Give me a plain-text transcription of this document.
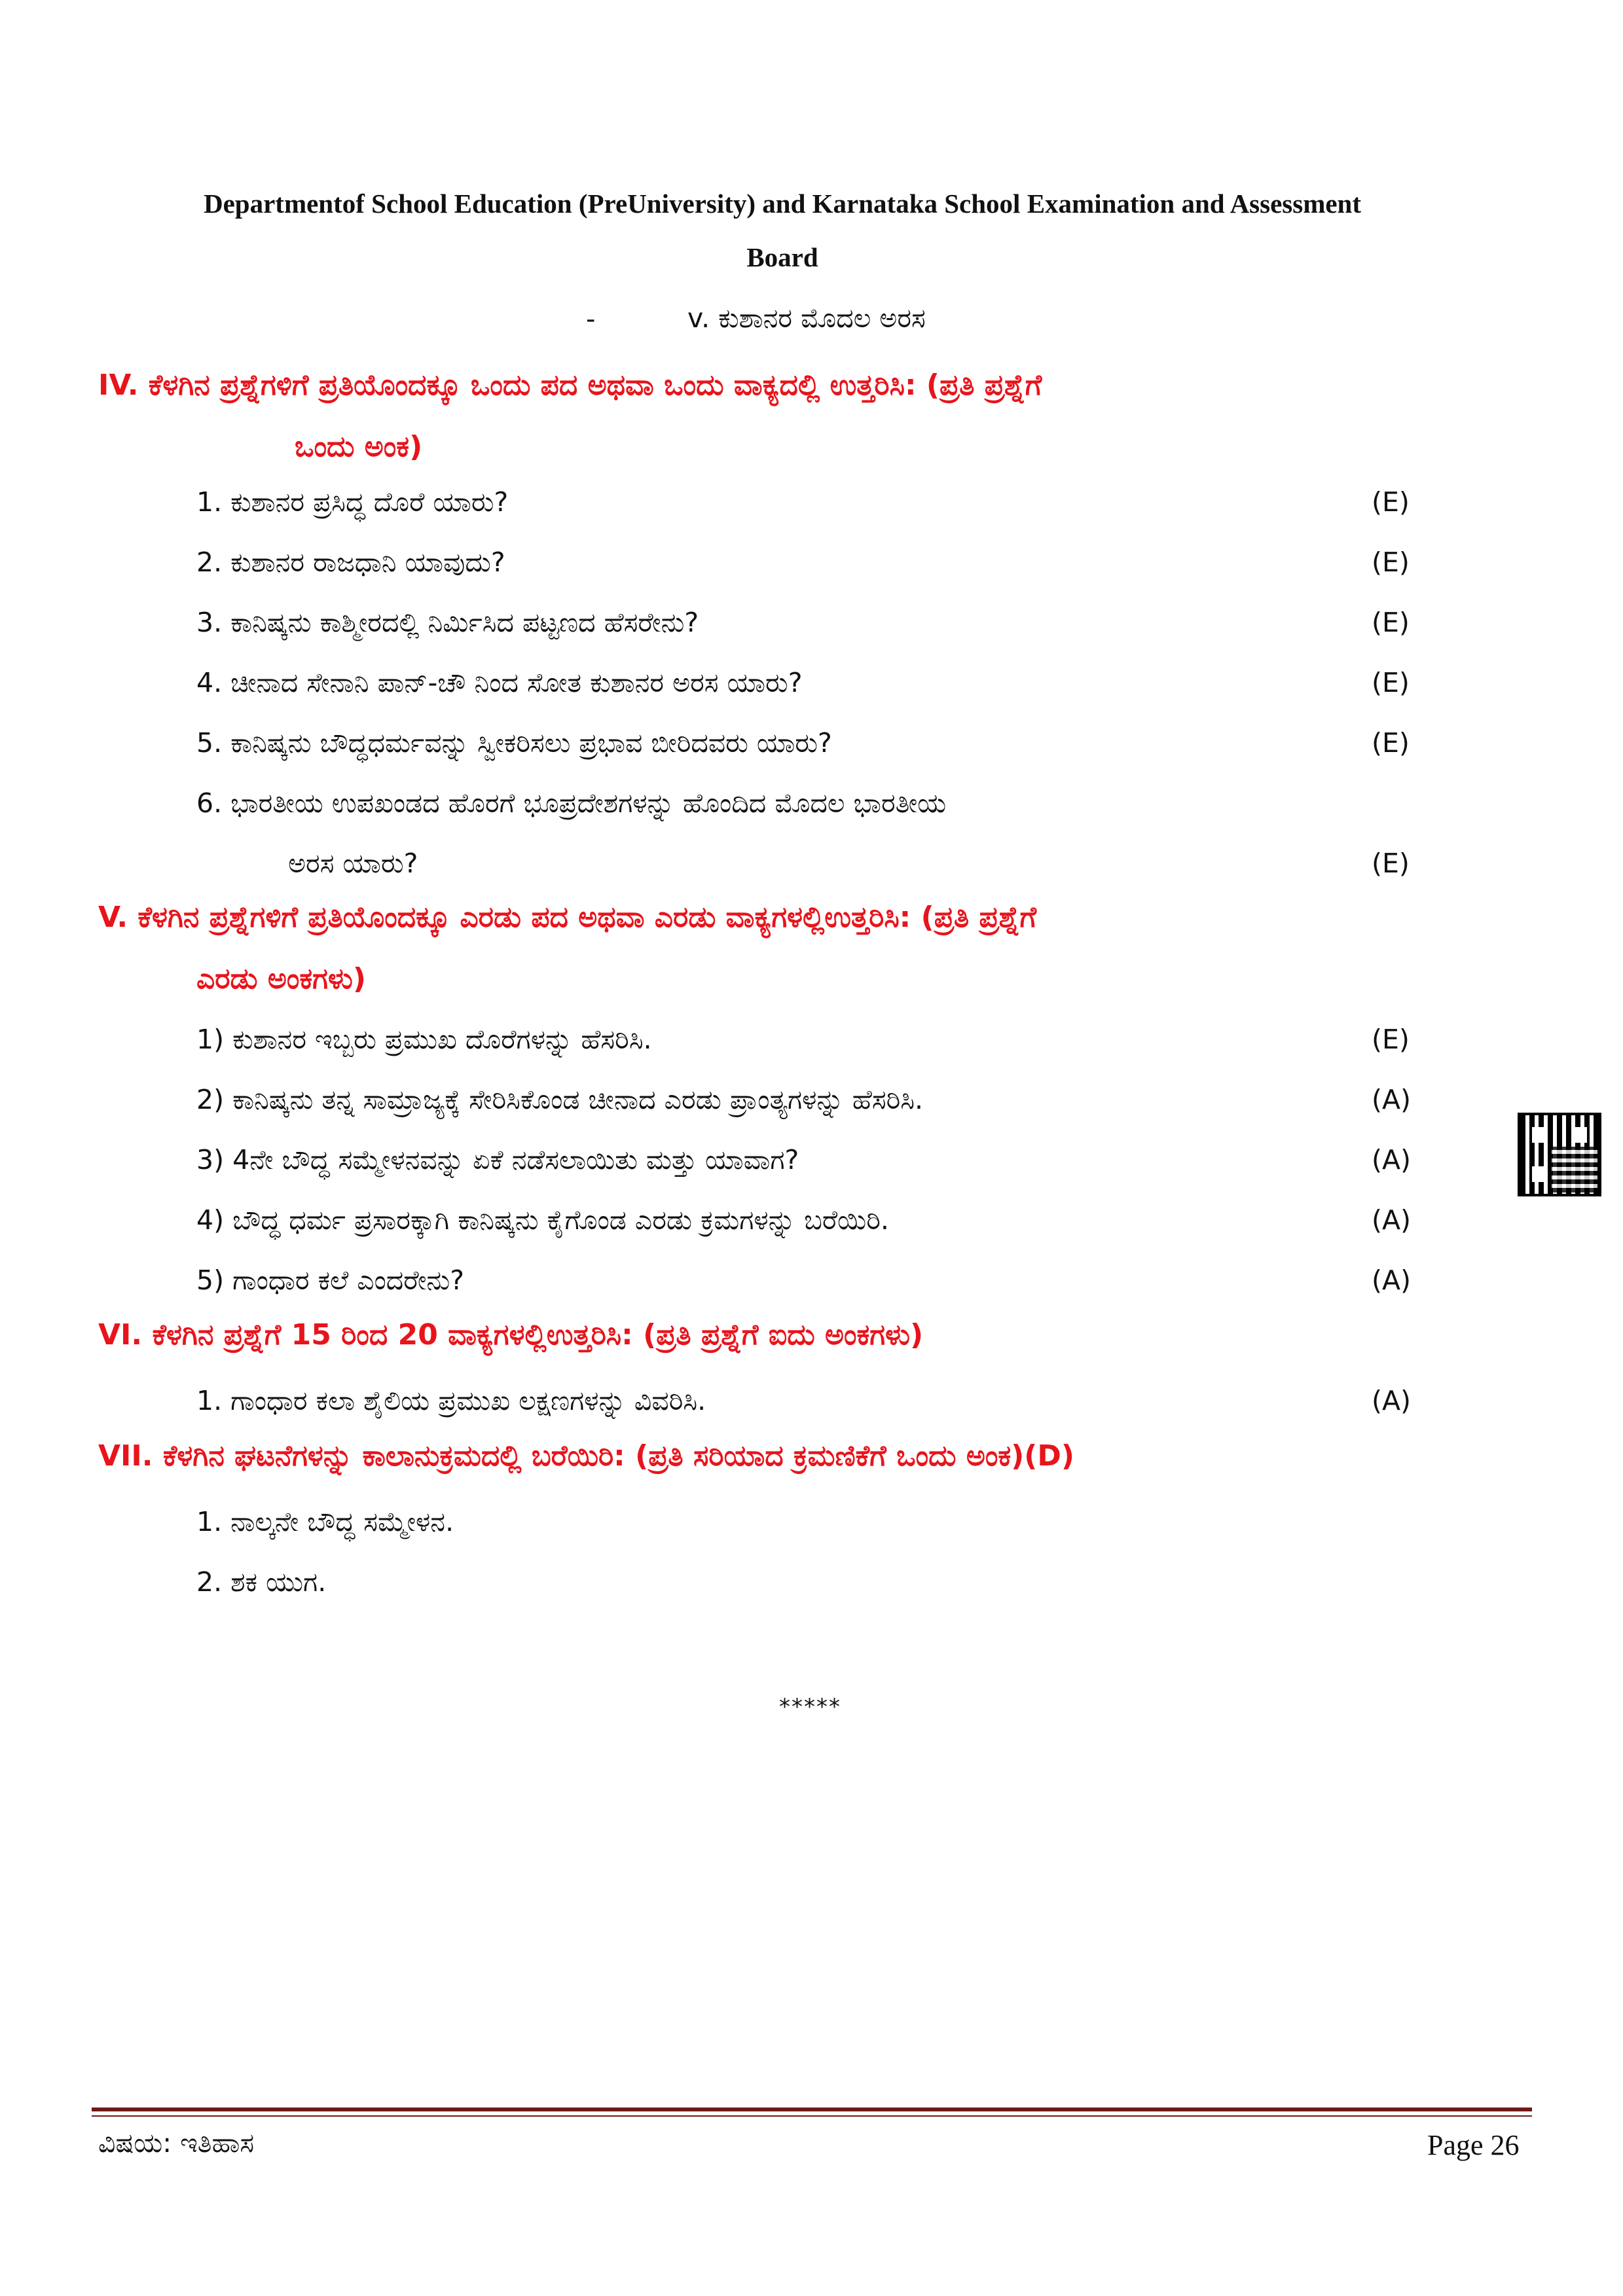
Departmentof School Education (PreUniversity) and Karnataka School Examination and Assessment
Board
-	v. ಕುಶಾನರ ಮೊದಲ ಅರಸ
IV. ಕೆಳಗಿನ ಪ್ರಶ್ನೆಗಳಿಗೆ ಪ್ರತಿಯೊಂದಕ್ಕೂ ಒಂದು ಪದ ಅಥವಾ ಒಂದು ವಾಕ್ಯದಲ್ಲಿ ಉತ್ತರಿಸಿ: (ಪ್ರತಿ ಪ್ರಶ್ನೆಗೆ
ಒಂದು ಅಂಕ)
1. ಕುಶಾನರ ಪ್ರಸಿದ್ಧ ದೊರೆ ಯಾರು?	(E)
2. ಕುಶಾನರ ರಾಜಧಾನಿ ಯಾವುದು?	(E)
3. ಕಾನಿಷ್ಕನು ಕಾಶ್ಮೀರದಲ್ಲಿ ನಿರ್ಮಿಸಿದ ಪಟ್ಟಣದ ಹೆಸರೇನು?	(E)
4. ಚೀನಾದ ಸೇನಾನಿ ಪಾನ್-ಚೌ ನಿಂದ ಸೋತ ಕುಶಾನರ ಅರಸ ಯಾರು?	(E)
5. ಕಾನಿಷ್ಕನು ಬೌದ್ಧಧರ್ಮವನ್ನು ಸ್ವೀಕರಿಸಲು ಪ್ರಭಾವ ಬೀರಿದವರು ಯಾರು?	(E)
6. ಭಾರತೀಯ ಉಪಖಂಡದ ಹೊರಗೆ ಭೂಪ್ರದೇಶಗಳನ್ನು ಹೊಂದಿದ ಮೊದಲ ಭಾರತೀಯ
ಅರಸ ಯಾರು?	(E)
V. ಕೆಳಗಿನ ಪ್ರಶ್ನೆಗಳಿಗೆ ಪ್ರತಿಯೊಂದಕ್ಕೂ ಎರಡು ಪದ ಅಥವಾ ಎರಡು ವಾಕ್ಯಗಳಲ್ಲಿಉತ್ತರಿಸಿ: (ಪ್ರತಿ ಪ್ರಶ್ನೆಗೆ
ಎರಡು ಅಂಕಗಳು)
1) ಕುಶಾನರ ಇಬ್ಬರು ಪ್ರಮುಖ ದೊರೆಗಳನ್ನು ಹೆಸರಿಸಿ.	(E)
2) ಕಾನಿಷ್ಕನು ತನ್ನ ಸಾಮ್ರಾಜ್ಯಕ್ಕೆ ಸೇರಿಸಿಕೊಂಡ ಚೀನಾದ ಎರಡು ಪ್ರಾಂತ್ಯಗಳನ್ನು ಹೆಸರಿಸಿ.	(A)
3) 4ನೇ ಬೌದ್ಧ ಸಮ್ಮೇಳನವನ್ನು ಏಕೆ ನಡೆಸಲಾಯಿತು ಮತ್ತು ಯಾವಾಗ?	(A)
4) ಬೌದ್ಧ ಧರ್ಮ ಪ್ರಸಾರಕ್ಕಾಗಿ ಕಾನಿಷ್ಕನು ಕೈಗೊಂಡ ಎರಡು ಕ್ರಮಗಳನ್ನು ಬರೆಯಿರಿ.	(A)
5) ಗಾಂಧಾರ ಕಲೆ ಎಂದರೇನು?	(A)
VI. ಕೆಳಗಿನ ಪ್ರಶ್ನೆಗೆ 15 ರಿಂದ 20 ವಾಕ್ಯಗಳಲ್ಲಿಉತ್ತರಿಸಿ: (ಪ್ರತಿ ಪ್ರಶ್ನೆಗೆ ಐದು ಅಂಕಗಳು)
1. ಗಾಂಧಾರ ಕಲಾ ಶೈಲಿಯ ಪ್ರಮುಖ ಲಕ್ಷಣಗಳನ್ನು ವಿವರಿಸಿ.	(A)
VII. ಕೆಳಗಿನ ಘಟನೆಗಳನ್ನು ಕಾಲಾನುಕ್ರಮದಲ್ಲಿ ಬರೆಯಿರಿ: (ಪ್ರತಿ ಸರಿಯಾದ ಕ್ರಮಣಿಕೆಗೆ ಒಂದು ಅಂಕ)(D)
1. ನಾಲ್ಕನೇ ಬೌದ್ಧ ಸಮ್ಮೇಳನ.
2. ಶಕ ಯುಗ.
*****
ವಿಷಯ: ಇತಿಹಾಸ	Page 26
